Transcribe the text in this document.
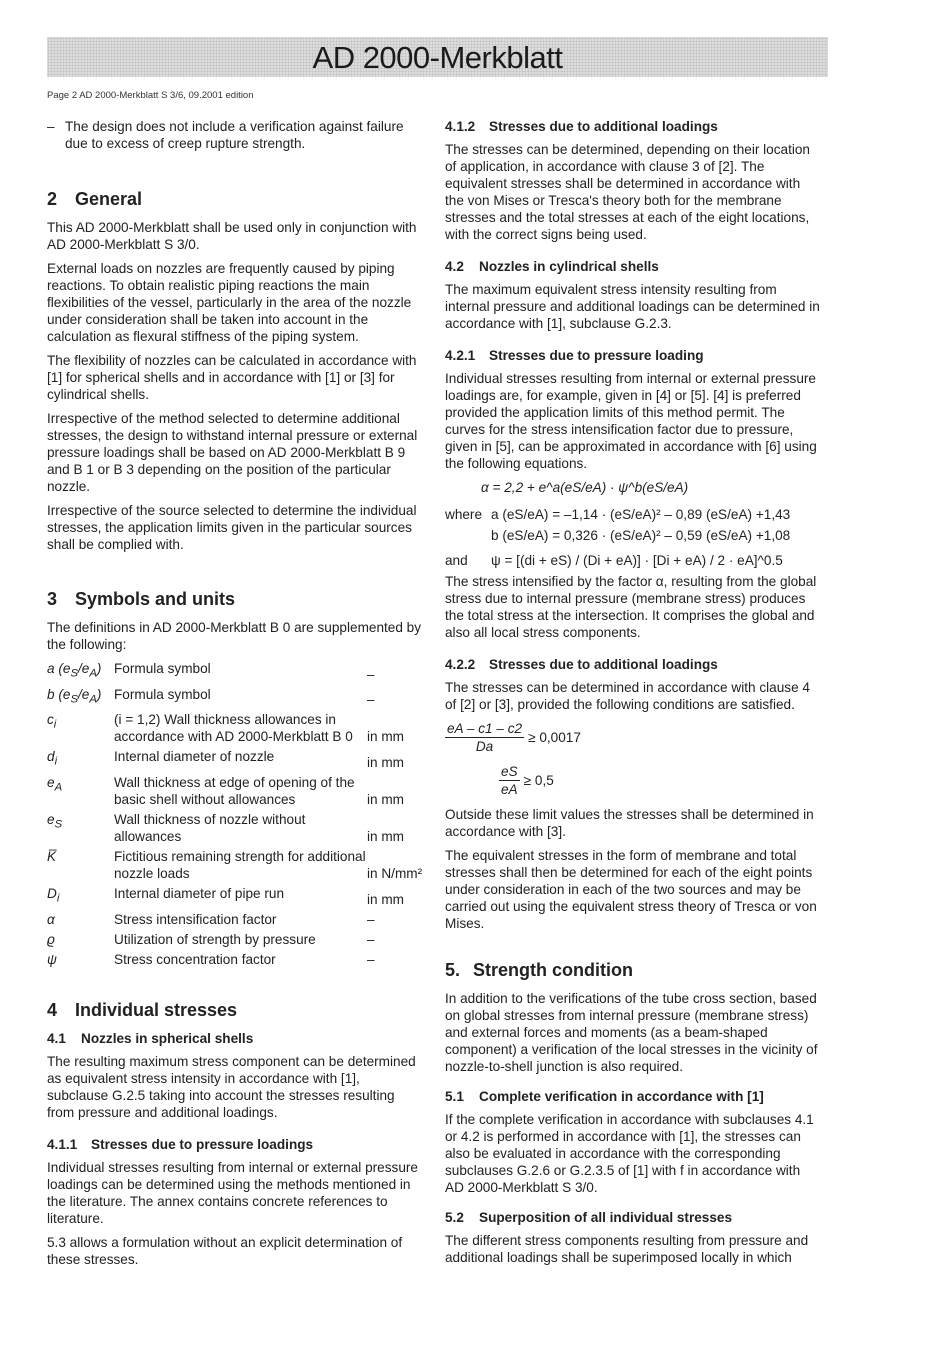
AD 2000-Merkblatt
Page 2 AD 2000-Merkblatt S 3/6, 09.2001 edition
– The design does not include a verification against failure due to excess of creep rupture strength.
2 General

This AD 2000-Merkblatt shall be used only in conjunction with AD 2000-Merkblatt S 3/0.

External loads on nozzles are frequently caused by piping reactions. To obtain realistic piping reactions the main flexibilities of the vessel, particularly in the area of the nozzle under consideration shall be taken into account in the calculation as flexural stiffness of the piping system.

The flexibility of nozzles can be calculated in accordance with [1] for spherical shells and in accordance with [1] or [3] for cylindrical shells.

Irrespective of the method selected to determine additional stresses, the design to withstand internal pressure or external pressure loadings shall be based on AD 2000-Merkblatt B 9 and B 1 or B 3 depending on the position of the particular nozzle.

Irrespective of the source selected to determine the individual stresses, the application limits given in the particular sources shall be complied with.

3 Symbols and units

The definitions in AD 2000-Merkblatt B 0 are supplemented by the following:

a $(e_S/e_A)$	Formula symbol	–
b $(e_S/e_A)$	Formula symbol	–
$c_i$	(i = 1,2) Wall thickness allowances in accordance with AD 2000-Merkblatt B 0	in mm
$d_i$	Internal diameter of nozzle	in mm
$e_A$	Wall thickness at edge of opening of the basic shell without allowances	in mm
$e_S$	Wall thickness of nozzle without allowances	in mm
K̅	Fictitious remaining strength for additional nozzle loads	in N/mm²
$D_i$	Internal diameter of pipe run	in mm
α	Stress intensification factor	–
ϱ	Utilization of strength by pressure	–
ψ	Stress concentration factor	–
4 Individual stresses
4.1 Nozzles in spherical shells

The resulting maximum stress component can be determined as equivalent stress intensity in accordance with [1], subclause G.2.5 taking into account the stresses resulting from pressure and additional loadings.

4.1.1 Stresses due to pressure loadings

Individual stresses resulting from internal or external pressure loadings can be determined using the methods mentioned in the literature. The annex contains concrete references to literature.

5.3 allows a formulation without an explicit determination of these stresses.

4.1.2 Stresses due to additional loadings

The stresses can be determined, depending on their location of application, in accordance with clause 3 of [2]. The equivalent stresses shall be determined in accordance with the von Mises or Tresca's theory both for the membrane stresses and the total stresses at each of the eight locations, with the correct signs being used.

4.2 Nozzles in cylindrical shells

The maximum equivalent stress intensity resulting from internal pressure and additional loadings can be determined in accordance with [1], subclause G.2.3.

4.2.1 Stresses due to pressure loading

Individual stresses resulting from internal or external pressure loadings are, for example, given in [4] or [5]. [4] is preferred provided the application limits of this method permit. The curves for the stress intensification factor due to pressure, given in [5], can be approximated in accordance with [6] using the following equations.

α = 2,2 + e^a(eS/eA) · ψ^b(eS/eA)
where a (eS/eA) = –1,14 · (eS/eA)² – 0,89 (eS/eA) +1,43
b (eS/eA) = 0,326 · (eS/eA)² – 0,59 (eS/eA) +1,08
and	ψ = [(di + eS) / (Di + eA)] · [Di + eA) / 2 · eA]^0.5

The stress intensified by the factor α, resulting from the global stress due to internal pressure (membrane stress) produces the total stress at the intersection. It comprises the global and also all local stress components.

4.2.2 Stresses due to additional loadings

The stresses can be determined in accordance with clause 4 of [2] or [3], provided the following conditions are satisfied.

$\frac{eA - c1 - c2}{Da} \ge 0,0017$
$\frac{eS}{eA} \ge 0,5$

Outside these limit values the stresses shall be determined in accordance with [3].

The equivalent stresses in the form of membrane and total stresses shall then be determined for each of the eight points under consideration in each of the two sources and may be carried out using the equivalent stress theory of Tresca or von Mises.

5. Strength condition

In addition to the verifications of the tube cross section, based on global stresses from internal pressure (membrane stress) and external forces and moments (as a beam-shaped component) a verification of the local stresses in the vicinity of nozzle-to-shell junction is also required.

5.1 Complete verification in accordance with [1]

If the complete verification in accordance with subclauses 4.1 or 4.2 is performed in accordance with [1], the stresses can also be evaluated in accordance with the corresponding subclauses G.2.6 or G.2.3.5 of [1] with f in accordance with AD 2000-Merkblatt S 3/0.

5.2 Superposition of all individual stresses

The different stress components resulting from pressure and additional loadings shall be superimposed locally in which
